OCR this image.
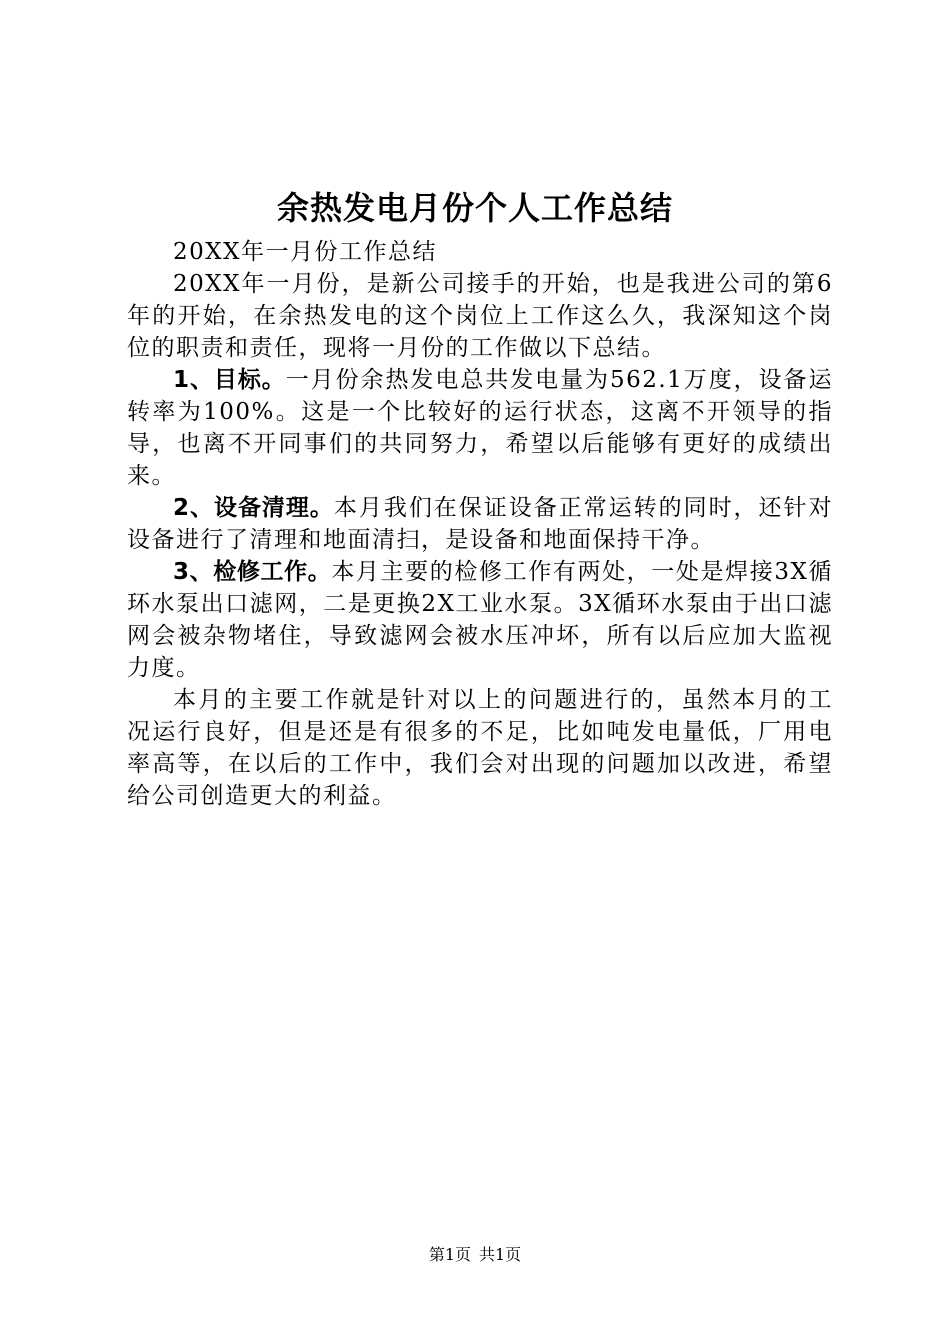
余热发电月份个人工作总结

20XX年一月份工作总结

20XX年一月份，是新公司接手的开始，也是我进公司的第6年的开始，在余热发电的这个岗位上工作这么久，我深知这个岗位的职责和责任，现将一月份的工作做以下总结。

1、目标。一月份余热发电总共发电量为562.1万度，设备运转率为100%。这是一个比较好的运行状态，这离不开领导的指导，也离不开同事们的共同努力，希望以后能够有更好的成绩出来。

2、设备清理。本月我们在保证设备正常运转的同时，还针对设备进行了清理和地面清扫，是设备和地面保持干净。

3、检修工作。本月主要的检修工作有两处，一处是焊接3X循环水泵出口滤网，二是更换2X工业水泵。3X循环水泵由于出口滤网会被杂物堵住，导致滤网会被水压冲坏，所有以后应加大监视力度。

本月的主要工作就是针对以上的问题进行的，虽然本月的工况运行良好，但是还是有很多的不足，比如吨发电量低，厂用电率高等，在以后的工作中，我们会对出现的问题加以改进，希望给公司创造更大的利益。

第1页 共1页
